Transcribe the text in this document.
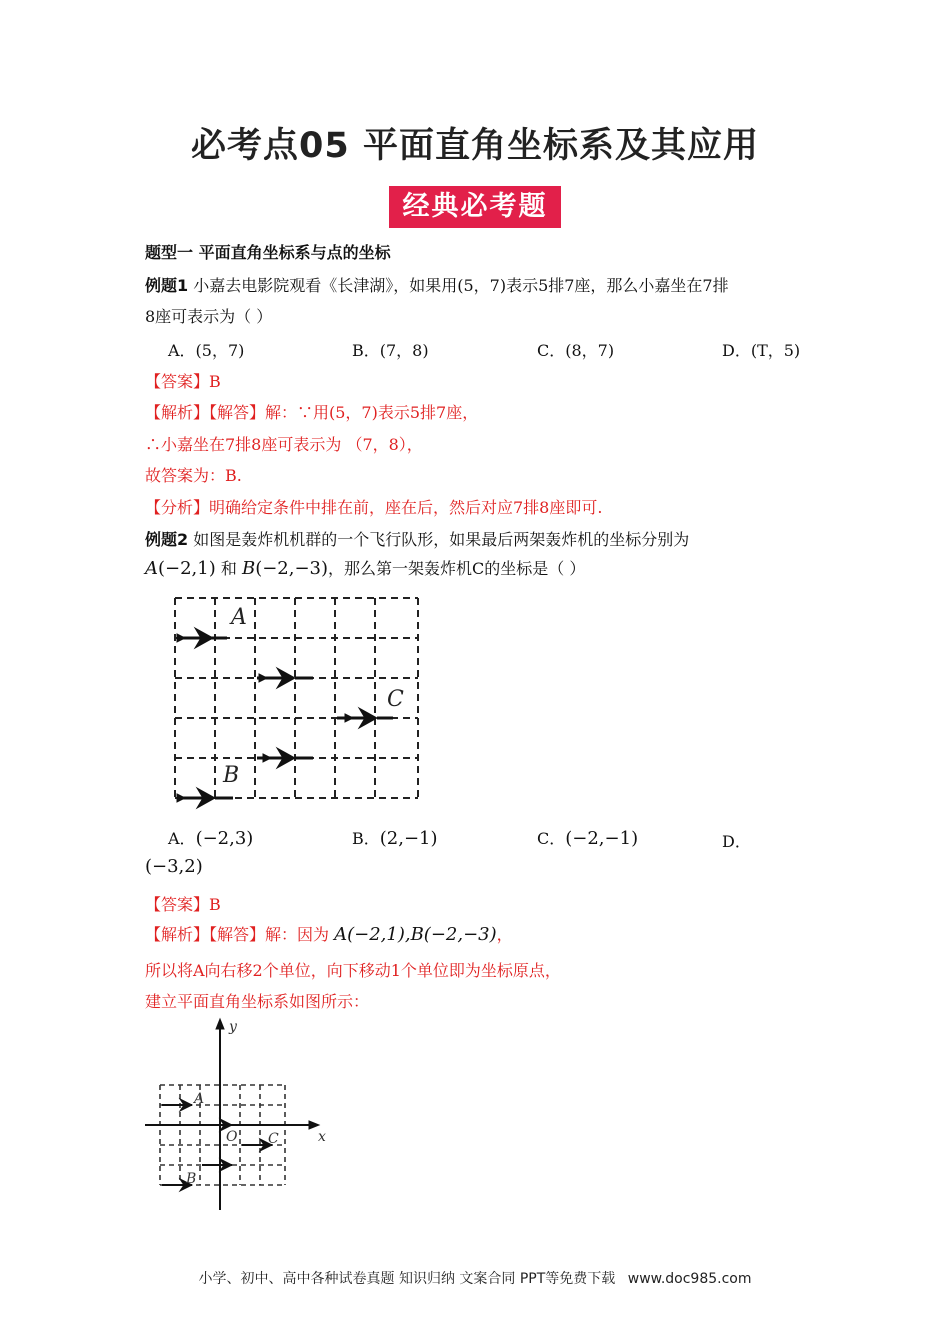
必考点05 平面直角坐标系及其应用
经典必考题
题型一 平面直角坐标系与点的坐标
例题1 小嘉去电影院观看《长津湖》，如果用(5，7)表示5排7座，那么小嘉坐在7排
8座可表示为（ ）
A．(5，7)	B．(7，8)	C．(8，7)	D．(T，5)
【答案】B
【解析】【解答】解：∵用(5，7)表示5排7座，
∴小嘉坐在7排8座可表示为 （7，8），
故答案为：B.
【分析】明确给定条件中排在前，座在后，然后对应7排8座即可.
例题2 如图是轰炸机机群的一个飞行队形，如果最后两架轰炸机的坐标分别为
A(−2,1) 和 B(−2,−3)，那么第一架轰炸机C的坐标是（ ）
A
C
B
A．(−2,3)	B．(2,−1)	C．(−2,−1)	D．
(−3,2)
【答案】B
【解析】【解答】解：因为 A(−2,1),B(−2,−3)，
所以将A向右移2个单位，向下移动1个单位即为坐标原点，
建立平面直角坐标系如图所示：
y
x
O
A
C
B
小学、初中、高中各种试卷真题 知识归纳 文案合同 PPT等免费下载 www.doc985.com
